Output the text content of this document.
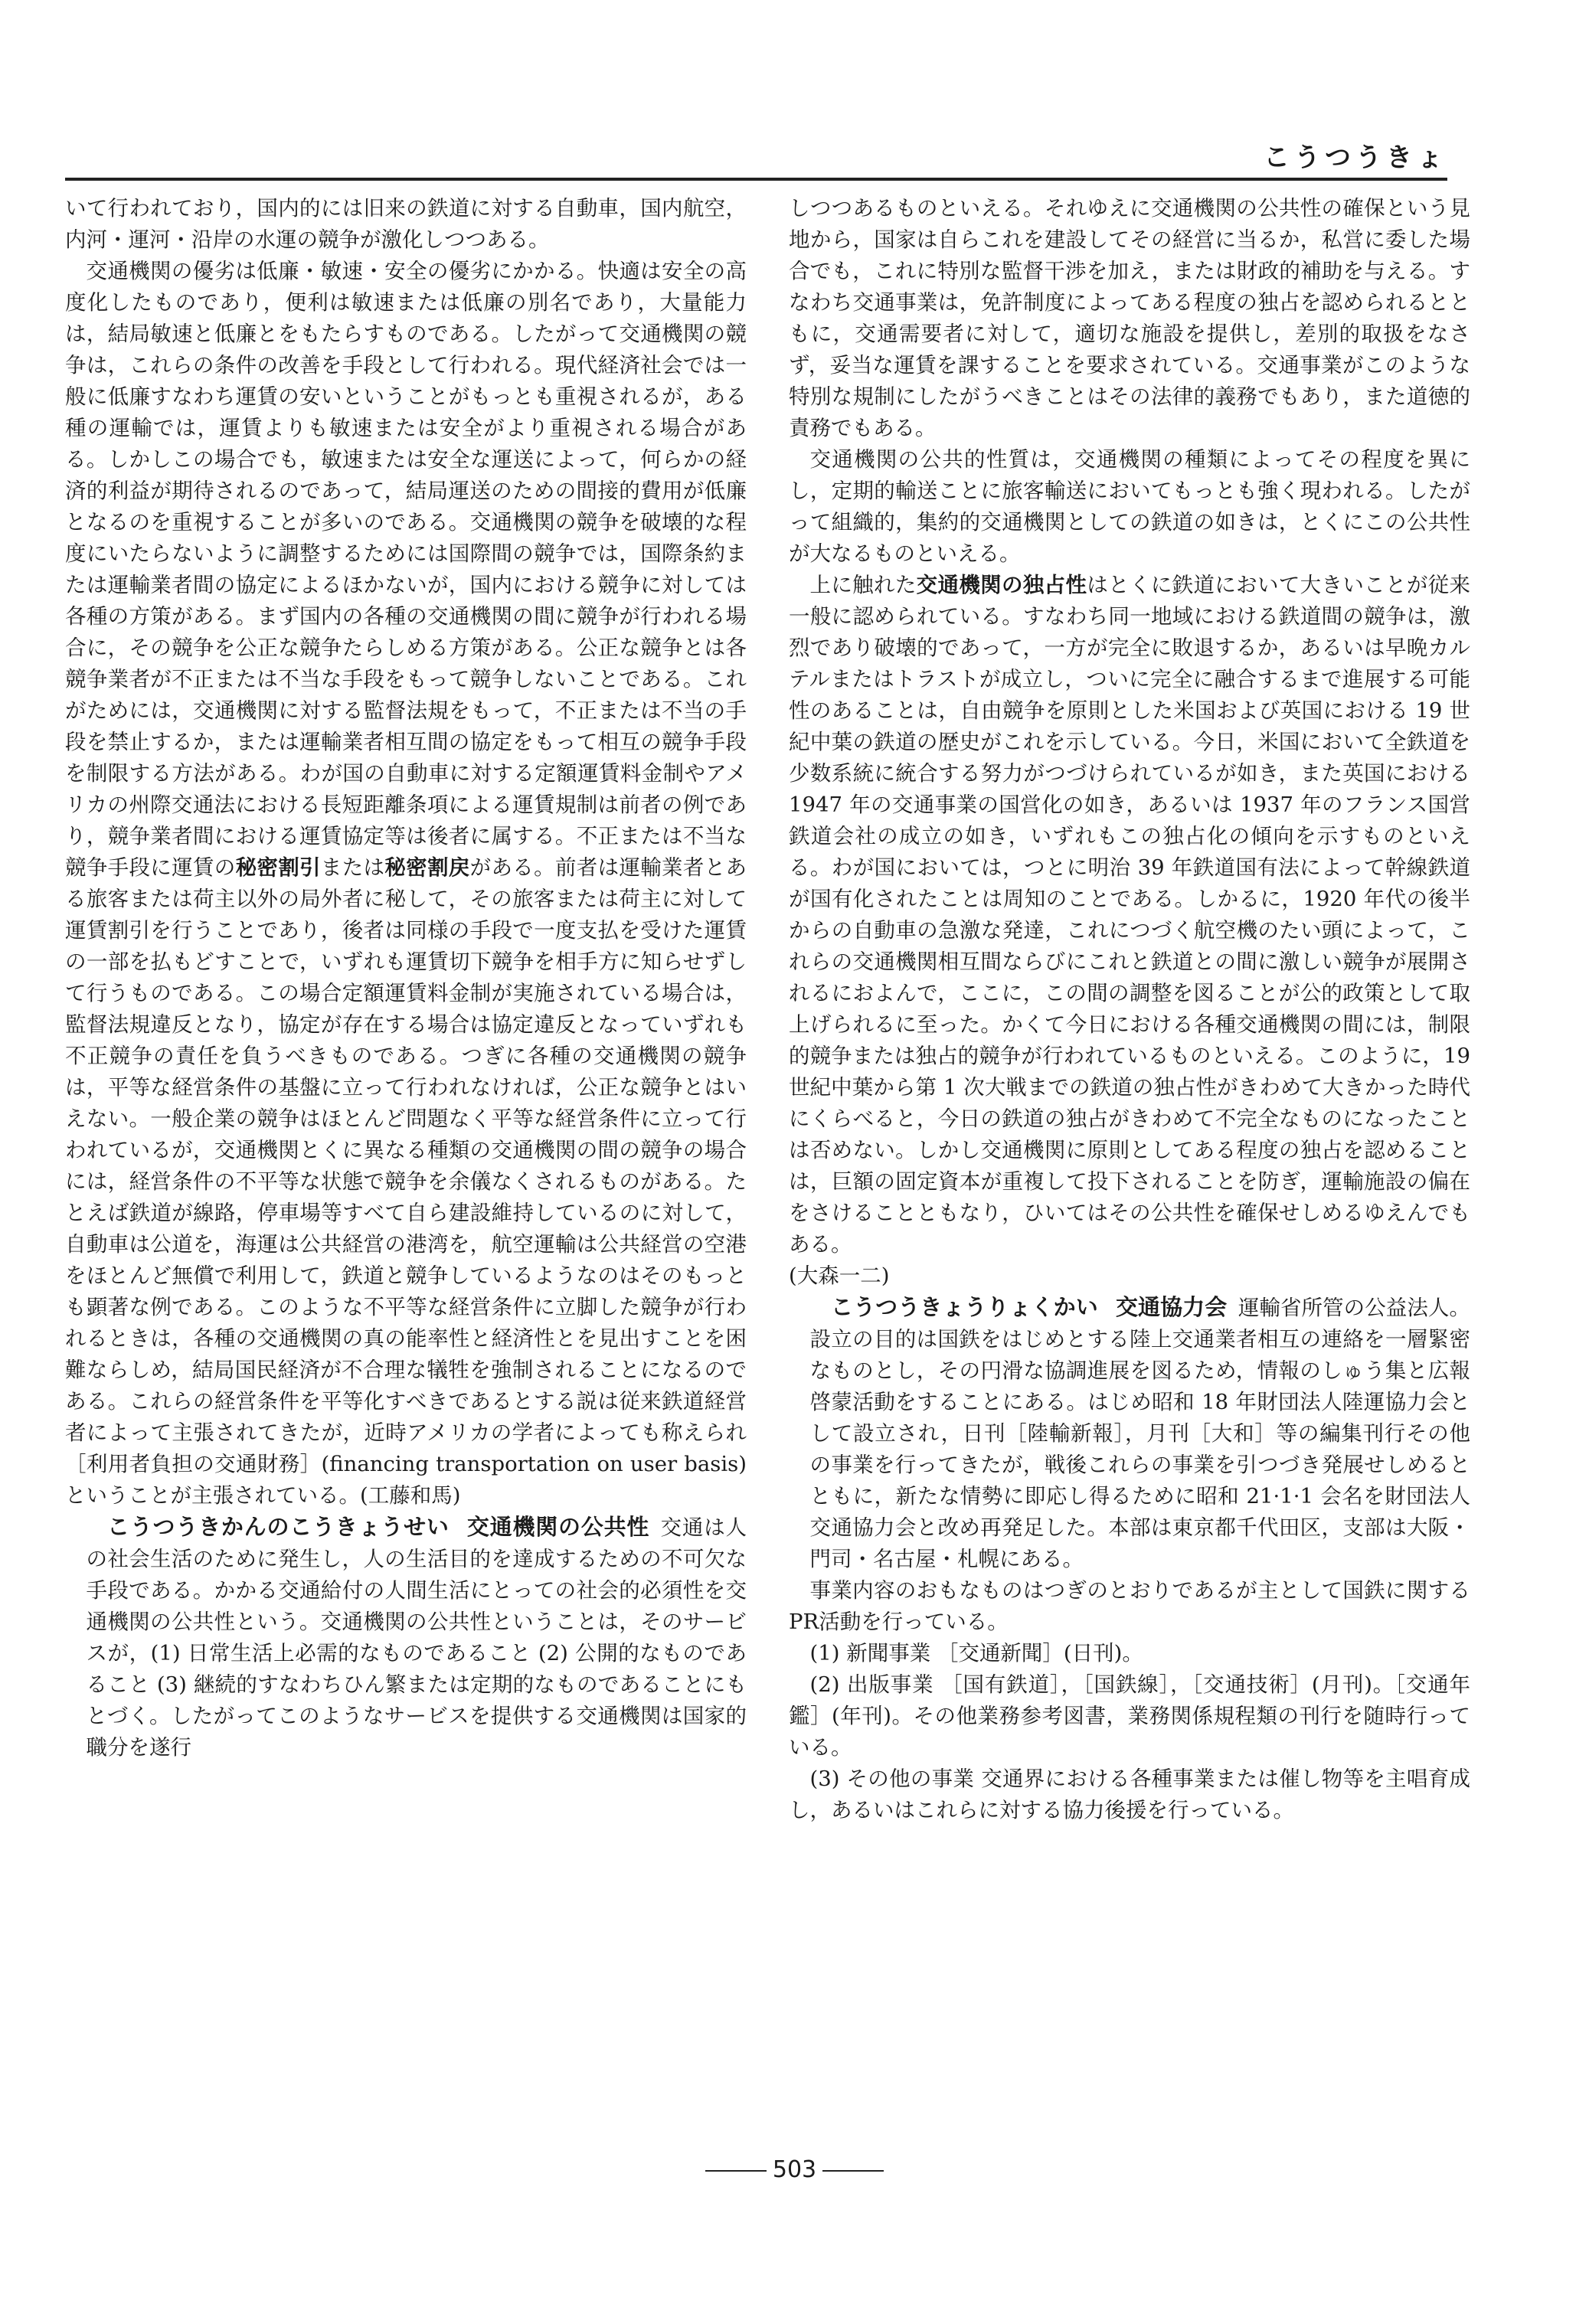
こうつうきょ

いて行われており，国内的には旧来の鉄道に対する自動車，国内航空，内河・運河・沿岸の水運の競争が激化しつつある。

交通機関の優劣は低廉・敏速・安全の優劣にかかる。快適は安全の高度化したものであり，便利は敏速または低廉の別名であり，大量能力は，結局敏速と低廉とをもたらすものである。したがって交通機関の競争は，これらの条件の改善を手段として行われる。現代経済社会では一般に低廉すなわち運賃の安いということがもっとも重視されるが，ある種の運輸では，運賃よりも敏速または安全がより重視される場合がある。しかしこの場合でも，敏速または安全な運送によって，何らかの経済的利益が期待されるのであって，結局運送のための間接的費用が低廉となるのを重視することが多いのである。交通機関の競争を破壊的な程度にいたらないように調整するためには国際間の競争では，国際条約または運輸業者間の協定によるほかないが，国内における競争に対しては各種の方策がある。まず国内の各種の交通機関の間に競争が行われる場合に，その競争を公正な競争たらしめる方策がある。公正な競争とは各競争業者が不正または不当な手段をもって競争しないことである。これがためには，交通機関に対する監督法規をもって，不正または不当の手段を禁止するか，または運輸業者相互間の協定をもって相互の競争手段を制限する方法がある。わが国の自動車に対する定額運賃料金制やアメリカの州際交通法における長短距離条項による運賃規制は前者の例であり，競争業者間における運賃協定等は後者に属する。不正または不当な競争手段に運賃の秘密割引または秘密割戻がある。前者は運輸業者とある旅客または荷主以外の局外者に秘して，その旅客または荷主に対して運賃割引を行うことであり，後者は同様の手段で一度支払を受けた運賃の一部を払もどすことで，いずれも運賃切下競争を相手方に知らせずして行うものである。この場合定額運賃料金制が実施されている場合は，監督法規違反となり，協定が存在する場合は協定違反となっていずれも不正競争の責任を負うべきものである。つぎに各種の交通機関の競争は，平等な経営条件の基盤に立って行われなければ，公正な競争とはいえない。一般企業の競争はほとんど問題なく平等な経営条件に立って行われているが，交通機関とくに異なる種類の交通機関の間の競争の場合には，経営条件の不平等な状態で競争を余儀なくされるものがある。たとえば鉄道が線路，停車場等すべて自ら建設維持しているのに対して，自動車は公道を，海運は公共経営の港湾を，航空運輸は公共経営の空港をほとんど無償で利用して，鉄道と競争しているようなのはそのもっとも顕著な例である。このような不平等な経営条件に立脚した競争が行われるときは，各種の交通機関の真の能率性と経済性とを見出すことを困難ならしめ，結局国民経済が不合理な犠牲を強制されることになるのである。これらの経営条件を平等化すべきであるとする説は従来鉄道経営者によって主張されてきたが，近時アメリカの学者によっても称えられ［利用者負担の交通財務］(financing transportation on user basis) ということが主張されている。(工藤和馬)

こうつうきかんのこうきょうせい 交通機関の公共性 交通は人の社会生活のために発生し，人の生活目的を達成するための不可欠な手段である。かかる交通給付の人間生活にとっての社会的必須性を交通機関の公共性という。交通機関の公共性ということは，そのサービスが，(1) 日常生活上必需的なものであること (2) 公開的なものであること (3) 継続的すなわちひん繁または定期的なものであることにもとづく。したがってこのようなサービスを提供する交通機関は国家的職分を遂行

しつつあるものといえる。それゆえに交通機関の公共性の確保という見地から，国家は自らこれを建設してその経営に当るか，私営に委した場合でも，これに特別な監督干渉を加え，または財政的補助を与える。すなわち交通事業は，免許制度によってある程度の独占を認められるとともに，交通需要者に対して，適切な施設を提供し，差別的取扱をなさず，妥当な運賃を課することを要求されている。交通事業がこのような特別な規制にしたがうべきことはその法律的義務でもあり，また道徳的責務でもある。

交通機関の公共的性質は，交通機関の種類によってその程度を異にし，定期的輸送ことに旅客輸送においてもっとも強く現われる。したがって組織的，集約的交通機関としての鉄道の如きは，とくにこの公共性が大なるものといえる。

上に触れた交通機関の独占性はとくに鉄道において大きいことが従来一般に認められている。すなわち同一地域における鉄道間の競争は，激烈であり破壊的であって，一方が完全に敗退するか，あるいは早晩カルテルまたはトラストが成立し，ついに完全に融合するまで進展する可能性のあることは，自由競争を原則とした米国および英国における 19 世紀中葉の鉄道の歴史がこれを示している。今日，米国において全鉄道を少数系統に統合する努力がつづけられているが如き，また英国における 1947 年の交通事業の国営化の如き，あるいは 1937 年のフランス国営鉄道会社の成立の如き，いずれもこの独占化の傾向を示すものといえる。わが国においては，つとに明治 39 年鉄道国有法によって幹線鉄道が国有化されたことは周知のことである。しかるに，1920 年代の後半からの自動車の急激な発達，これにつづく航空機のたい頭によって，これらの交通機関相互間ならびにこれと鉄道との間に激しい競争が展開されるにおよんで，ここに，この間の調整を図ることが公的政策として取上げられるに至った。かくて今日における各種交通機関の間には，制限的競争または独占的競争が行われているものといえる。このように，19 世紀中葉から第 1 次大戦までの鉄道の独占性がきわめて大きかった時代にくらべると，今日の鉄道の独占がきわめて不完全なものになったことは否めない。しかし交通機関に原則としてある程度の独占を認めることは，巨額の固定資本が重複して投下されることを防ぎ，運輸施設の偏在をさけることともなり，ひいてはその公共性を確保せしめるゆえんでもある。

(大森一二)

こうつうきょうりょくかい 交通協力会 運輸省所管の公益法人。設立の目的は国鉄をはじめとする陸上交通業者相互の連絡を一層緊密なものとし，その円滑な協調進展を図るため，情報のしゅう集と広報啓蒙活動をすることにある。はじめ昭和 18 年財団法人陸運協力会として設立され，日刊［陸輸新報］，月刊［大和］等の編集刊行その他の事業を行ってきたが，戦後これらの事業を引つづき発展せしめるとともに，新たな情勢に即応し得るために昭和 21·1·1 会名を財団法人交通協力会と改め再発足した。本部は東京都千代田区，支部は大阪・門司・名古屋・札幌にある。

事業内容のおもなものはつぎのとおりであるが主として国鉄に関するPR活動を行っている。

(1) 新聞事業 ［交通新聞］(日刊)。

(2) 出版事業 ［国有鉄道］，［国鉄線］，［交通技術］(月刊)。［交通年鑑］(年刊)。その他業務参考図書，業務関係規程類の刊行を随時行っている。

(3) その他の事業 交通界における各種事業または催し物等を主唱育成し，あるいはこれらに対する協力後援を行っている。

503
